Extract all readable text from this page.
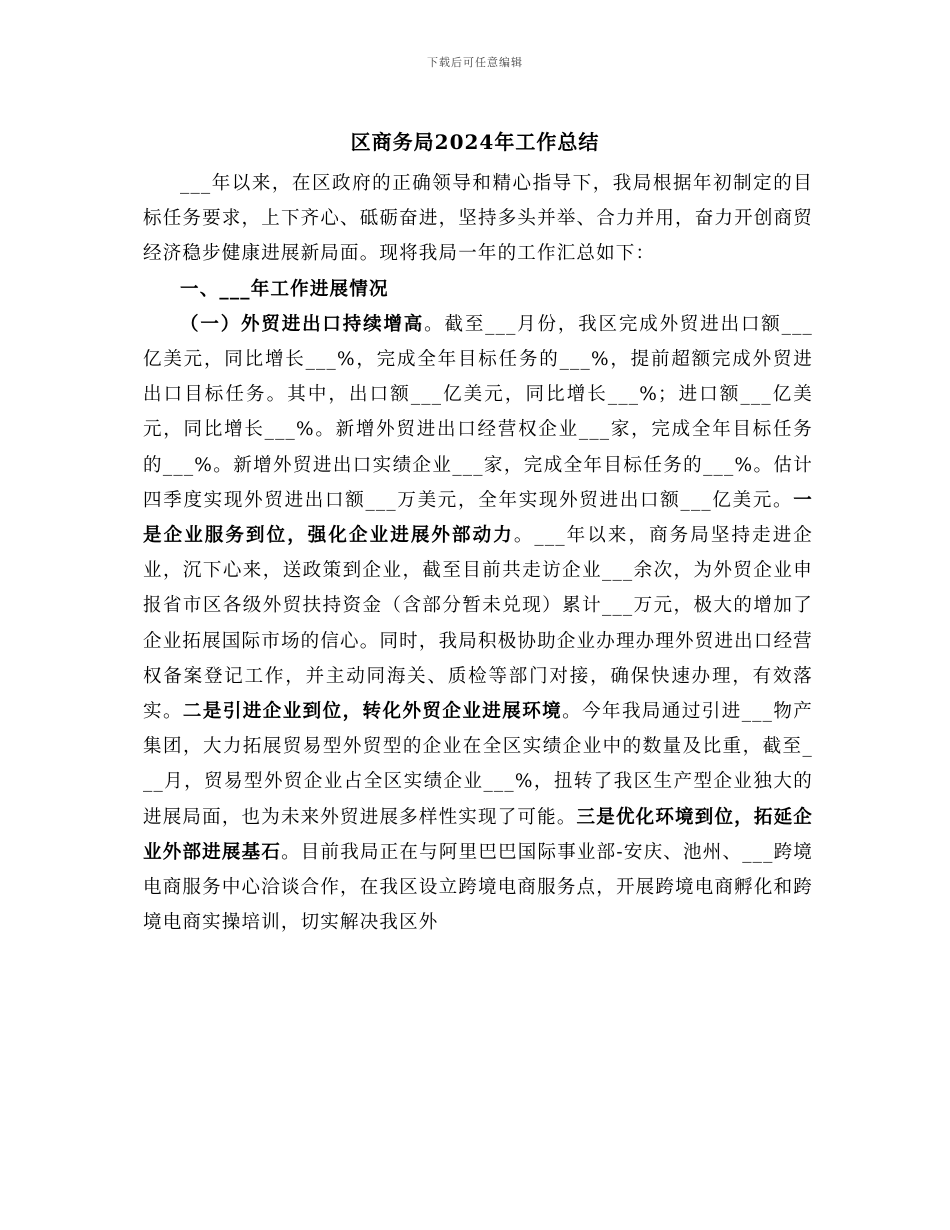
下载后可任意编辑
区商务局2024年工作总结

___年以来，在区政府的正确领导和精心指导下，我局根据年初制定的目标任务要求，上下齐心、砥砺奋进，坚持多头并举、合力并用，奋力开创商贸经济稳步健康进展新局面。现将我局一年的工作汇总如下：

一、___年工作进展情况

（一）外贸进出口持续增高。截至___月份，我区完成外贸进出口额___亿美元，同比增长___%，完成全年目标任务的___%，提前超额完成外贸进出口目标任务。其中，出口额___亿美元，同比增长___%；进口额___亿美元，同比增长___%。新增外贸进出口经营权企业___家，完成全年目标任务的___%。新增外贸进出口实绩企业___家，完成全年目标任务的___%。估计四季度实现外贸进出口额___万美元，全年实现外贸进出口额___亿美元。一是企业服务到位，强化企业进展外部动力。___年以来，商务局坚持走进企业，沉下心来，送政策到企业，截至目前共走访企业___余次，为外贸企业申报省市区各级外贸扶持资金（含部分暂未兑现）累计___万元，极大的增加了企业拓展国际市场的信心。同时，我局积极协助企业办理办理外贸进出口经营权备案登记工作，并主动同海关、质检等部门对接，确保快速办理，有效落实。二是引进企业到位，转化外贸企业进展环境。今年我局通过引进___物产集团，大力拓展贸易型外贸型的企业在全区实绩企业中的数量及比重，截至___月，贸易型外贸企业占全区实绩企业___%，扭转了我区生产型企业独大的进展局面，也为未来外贸进展多样性实现了可能。三是优化环境到位，拓延企业外部进展基石。目前我局正在与阿里巴巴国际事业部-安庆、池州、___跨境电商服务中心洽谈合作，在我区设立跨境电商服务点，开展跨境电商孵化和跨境电商实操培训，切实解决我区外
